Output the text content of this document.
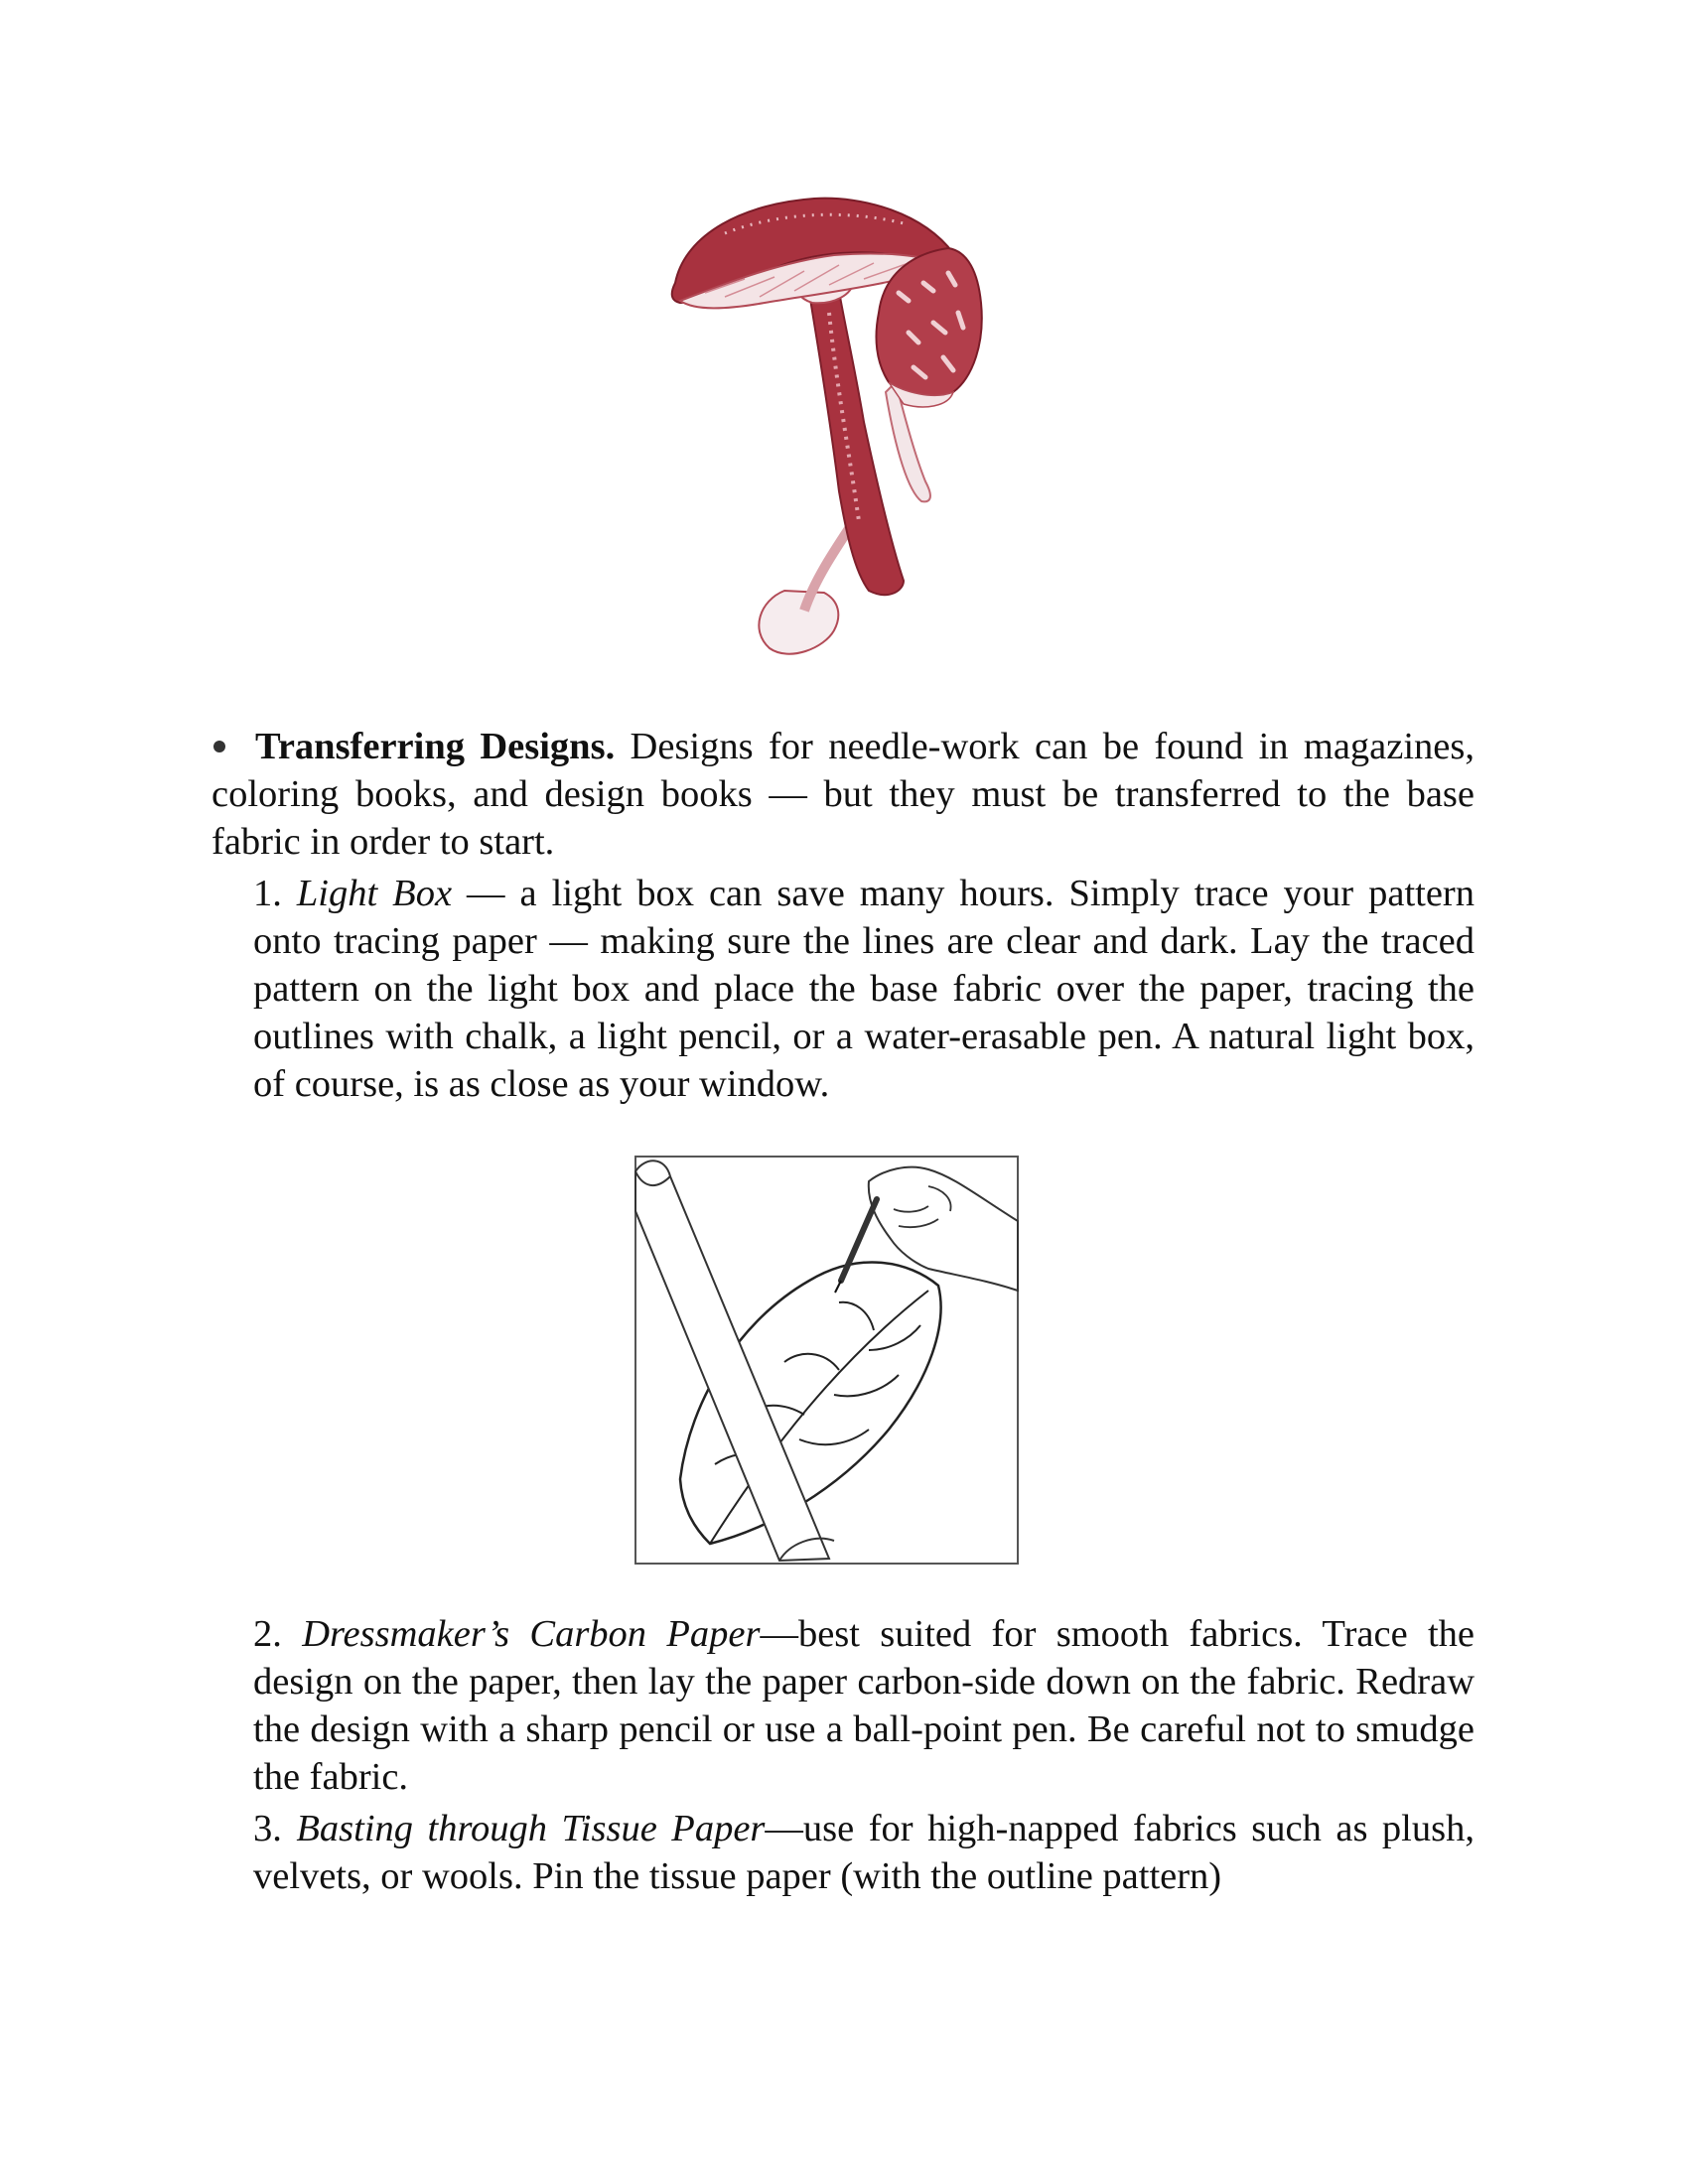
Transferring Designs. Designs for needle-work can be found in magazines, coloring books, and design books — but they must be transferred to the base fabric in order to start.
1. Light Box — a light box can save many hours. Simply trace your pattern onto tracing paper — making sure the lines are clear and dark. Lay the traced pattern on the light box and place the base fabric over the paper, tracing the outlines with chalk, a light pencil, or a water-erasable pen. A natural light box, of course, is as close as your window.
2. Dressmaker’s Carbon Paper—best suited for smooth fabrics. Trace the design on the paper, then lay the paper carbon-side down on the fabric. Redraw the design with a sharp pencil or use a ball-point pen. Be careful not to smudge the fabric.
3. Basting through Tissue Paper—use for high-napped fabrics such as plush, velvets, or wools. Pin the tissue paper (with the outline pattern)
